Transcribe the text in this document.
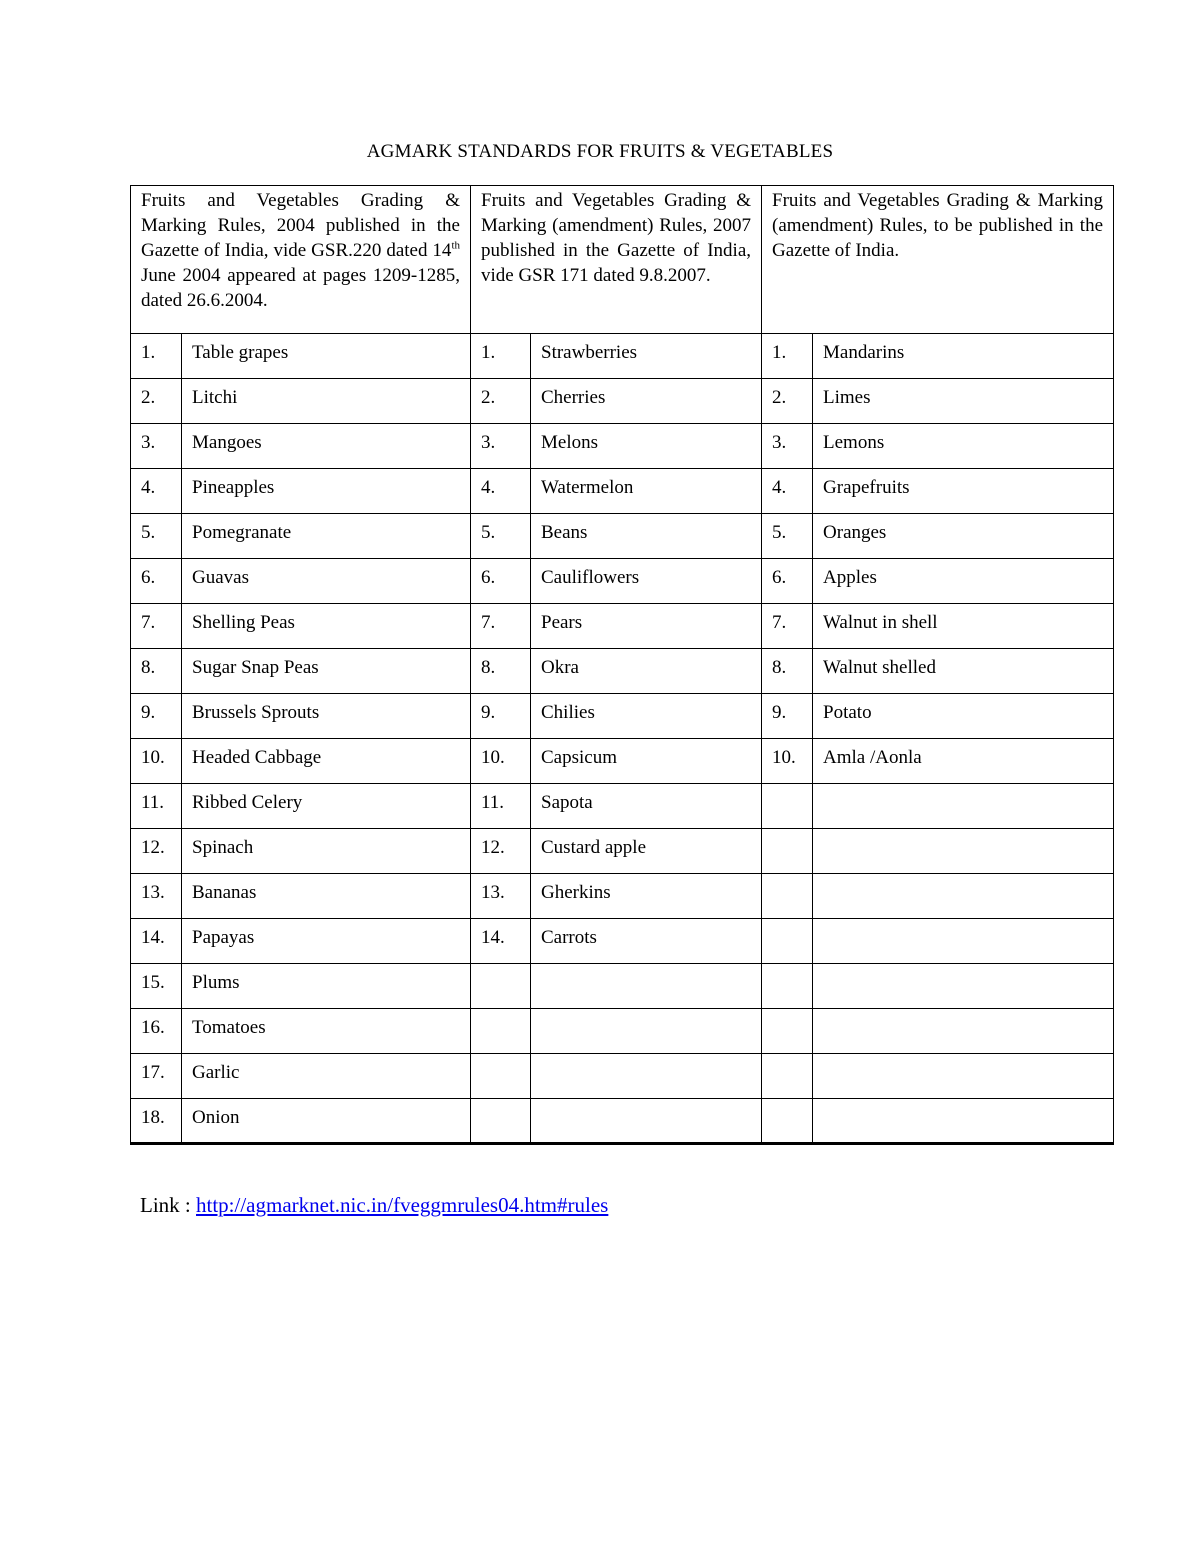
AGMARK STANDARDS FOR FRUITS & VEGETABLES
Fruits and Vegetables Grading & Marking Rules, 2004 published in the Gazette of India, vide GSR.220 dated 14th June 2004 appeared at pages 1209-1285, dated 26.6.2004.		Fruits and Vegetables Grading & Marking (amendment) Rules, 2007 published in the Gazette of India, vide GSR 171 dated 9.8.2007.		Fruits and Vegetables Grading & Marking (amendment) Rules, to be published in the Gazette of India.	
1.	Table grapes	1.	Strawberries	1.	Mandarins
2.	Litchi	2.	Cherries	2.	Limes
3.	Mangoes	3.	Melons	3.	Lemons
4.	Pineapples	4.	Watermelon	4.	Grapefruits
5.	Pomegranate	5.	Beans	5.	Oranges
6.	Guavas	6.	Cauliflowers	6.	Apples
7.	Shelling Peas	7.	Pears	7.	Walnut in shell
8.	Sugar Snap Peas	8.	Okra	8.	Walnut shelled
9.	Brussels Sprouts	9.	Chilies	9.	Potato
10.	Headed Cabbage	10.	Capsicum	10.	Amla /Aonla
11.	Ribbed Celery	11.	Sapota		
12.	Spinach	12.	Custard apple		
13.	Bananas	13.	Gherkins		
14.	Papayas	14.	Carrots		
15.	Plums				
16.	Tomatoes				
17.	Garlic				
18.	Onion				
Link : http://agmarknet.nic.in/fveggmrules04.htm#rules
